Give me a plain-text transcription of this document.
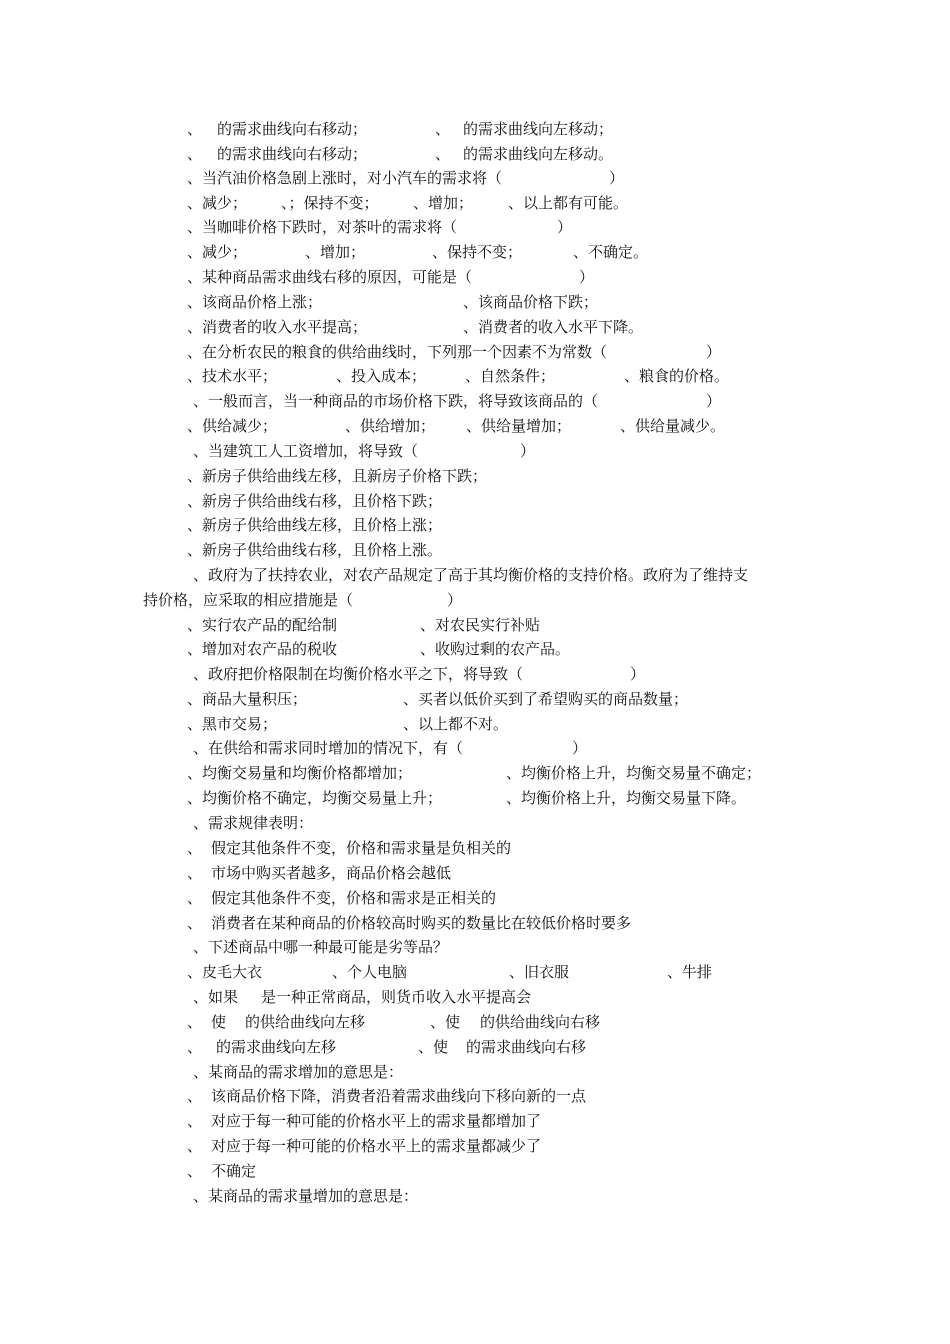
、 的需求曲线向右移动；	、 的需求曲线向左移动；
、 的需求曲线向右移动；	、 的需求曲线向左移动。
、当汽油价格急剧上涨时，对小汽车的需求将（	）
、减少； 、；保持不变； 、增加； 、以上都有可能。
、当咖啡价格下跌时，对茶叶的需求将（	）
、减少；	、增加；	、保持不变；	、不确定。
、某种商品需求曲线右移的原因，可能是（	）
、该商品价格上涨；	、该商品价格下跌；
、消费者的收入水平提高；	、消费者的收入水平下降。
、在分析农民的粮食的供给曲线时，下列那一个因素不为常数（	）
、技术水平；	、投入成本；	、自然条件；	、粮食的价格。
、一般而言，当一种商品的市场价格下跌，将导致该商品的（	）
、供给减少；	、供给增加； 、供给量增加；	、供给量减少。
、当建筑工人工资增加，将导致（	）
、新房子供给曲线左移，且新房子价格下跌；
、新房子供给曲线右移，且价格下跌；
、新房子供给曲线左移，且价格上涨；
、新房子供给曲线右移，且价格上涨。
、政府为了扶持农业，对农产品规定了高于其均衡价格的支持价格。政府为了维持支
持价格，应采取的相应措施是（	）
、实行农产品的配给制	、对农民实行补贴
、增加对农产品的税收	、收购过剩的农产品。
、政府把价格限制在均衡价格水平之下，将导致（	）
、商品大量积压；	、买者以低价买到了希望购买的商品数量；
、黑市交易；	、以上都不对。
、在供给和需求同时增加的情况下，有（	）
、均衡交易量和均衡价格都增加；	、均衡价格上升，均衡交易量不确定；
、均衡价格不确定，均衡交易量上升；	、均衡价格上升，均衡交易量下降。
、需求规律表明：
、 假定其他条件不变，价格和需求量是负相关的
、 市场中购买者越多，商品价格会越低
、 假定其他条件不变，价格和需求是正相关的
、 消费者在某种商品的价格较高时购买的数量比在较低价格时要多
、下述商品中哪一种最可能是劣等品？
、皮毛大衣	、个人电脑	、旧衣服	、牛排
、如果 是一种正常商品，则货币收入水平提高会
、 使 的供给曲线向左移	、使 的供给曲线向右移
、 的需求曲线向左移	、使 的需求曲线向右移
、某商品的需求增加的意思是：
、 该商品价格下降，消费者沿着需求曲线向下移向新的一点
、 对应于每一种可能的价格水平上的需求量都增加了
、 对应于每一种可能的价格水平上的需求量都减少了
、 不确定
、某商品的需求量增加的意思是：
